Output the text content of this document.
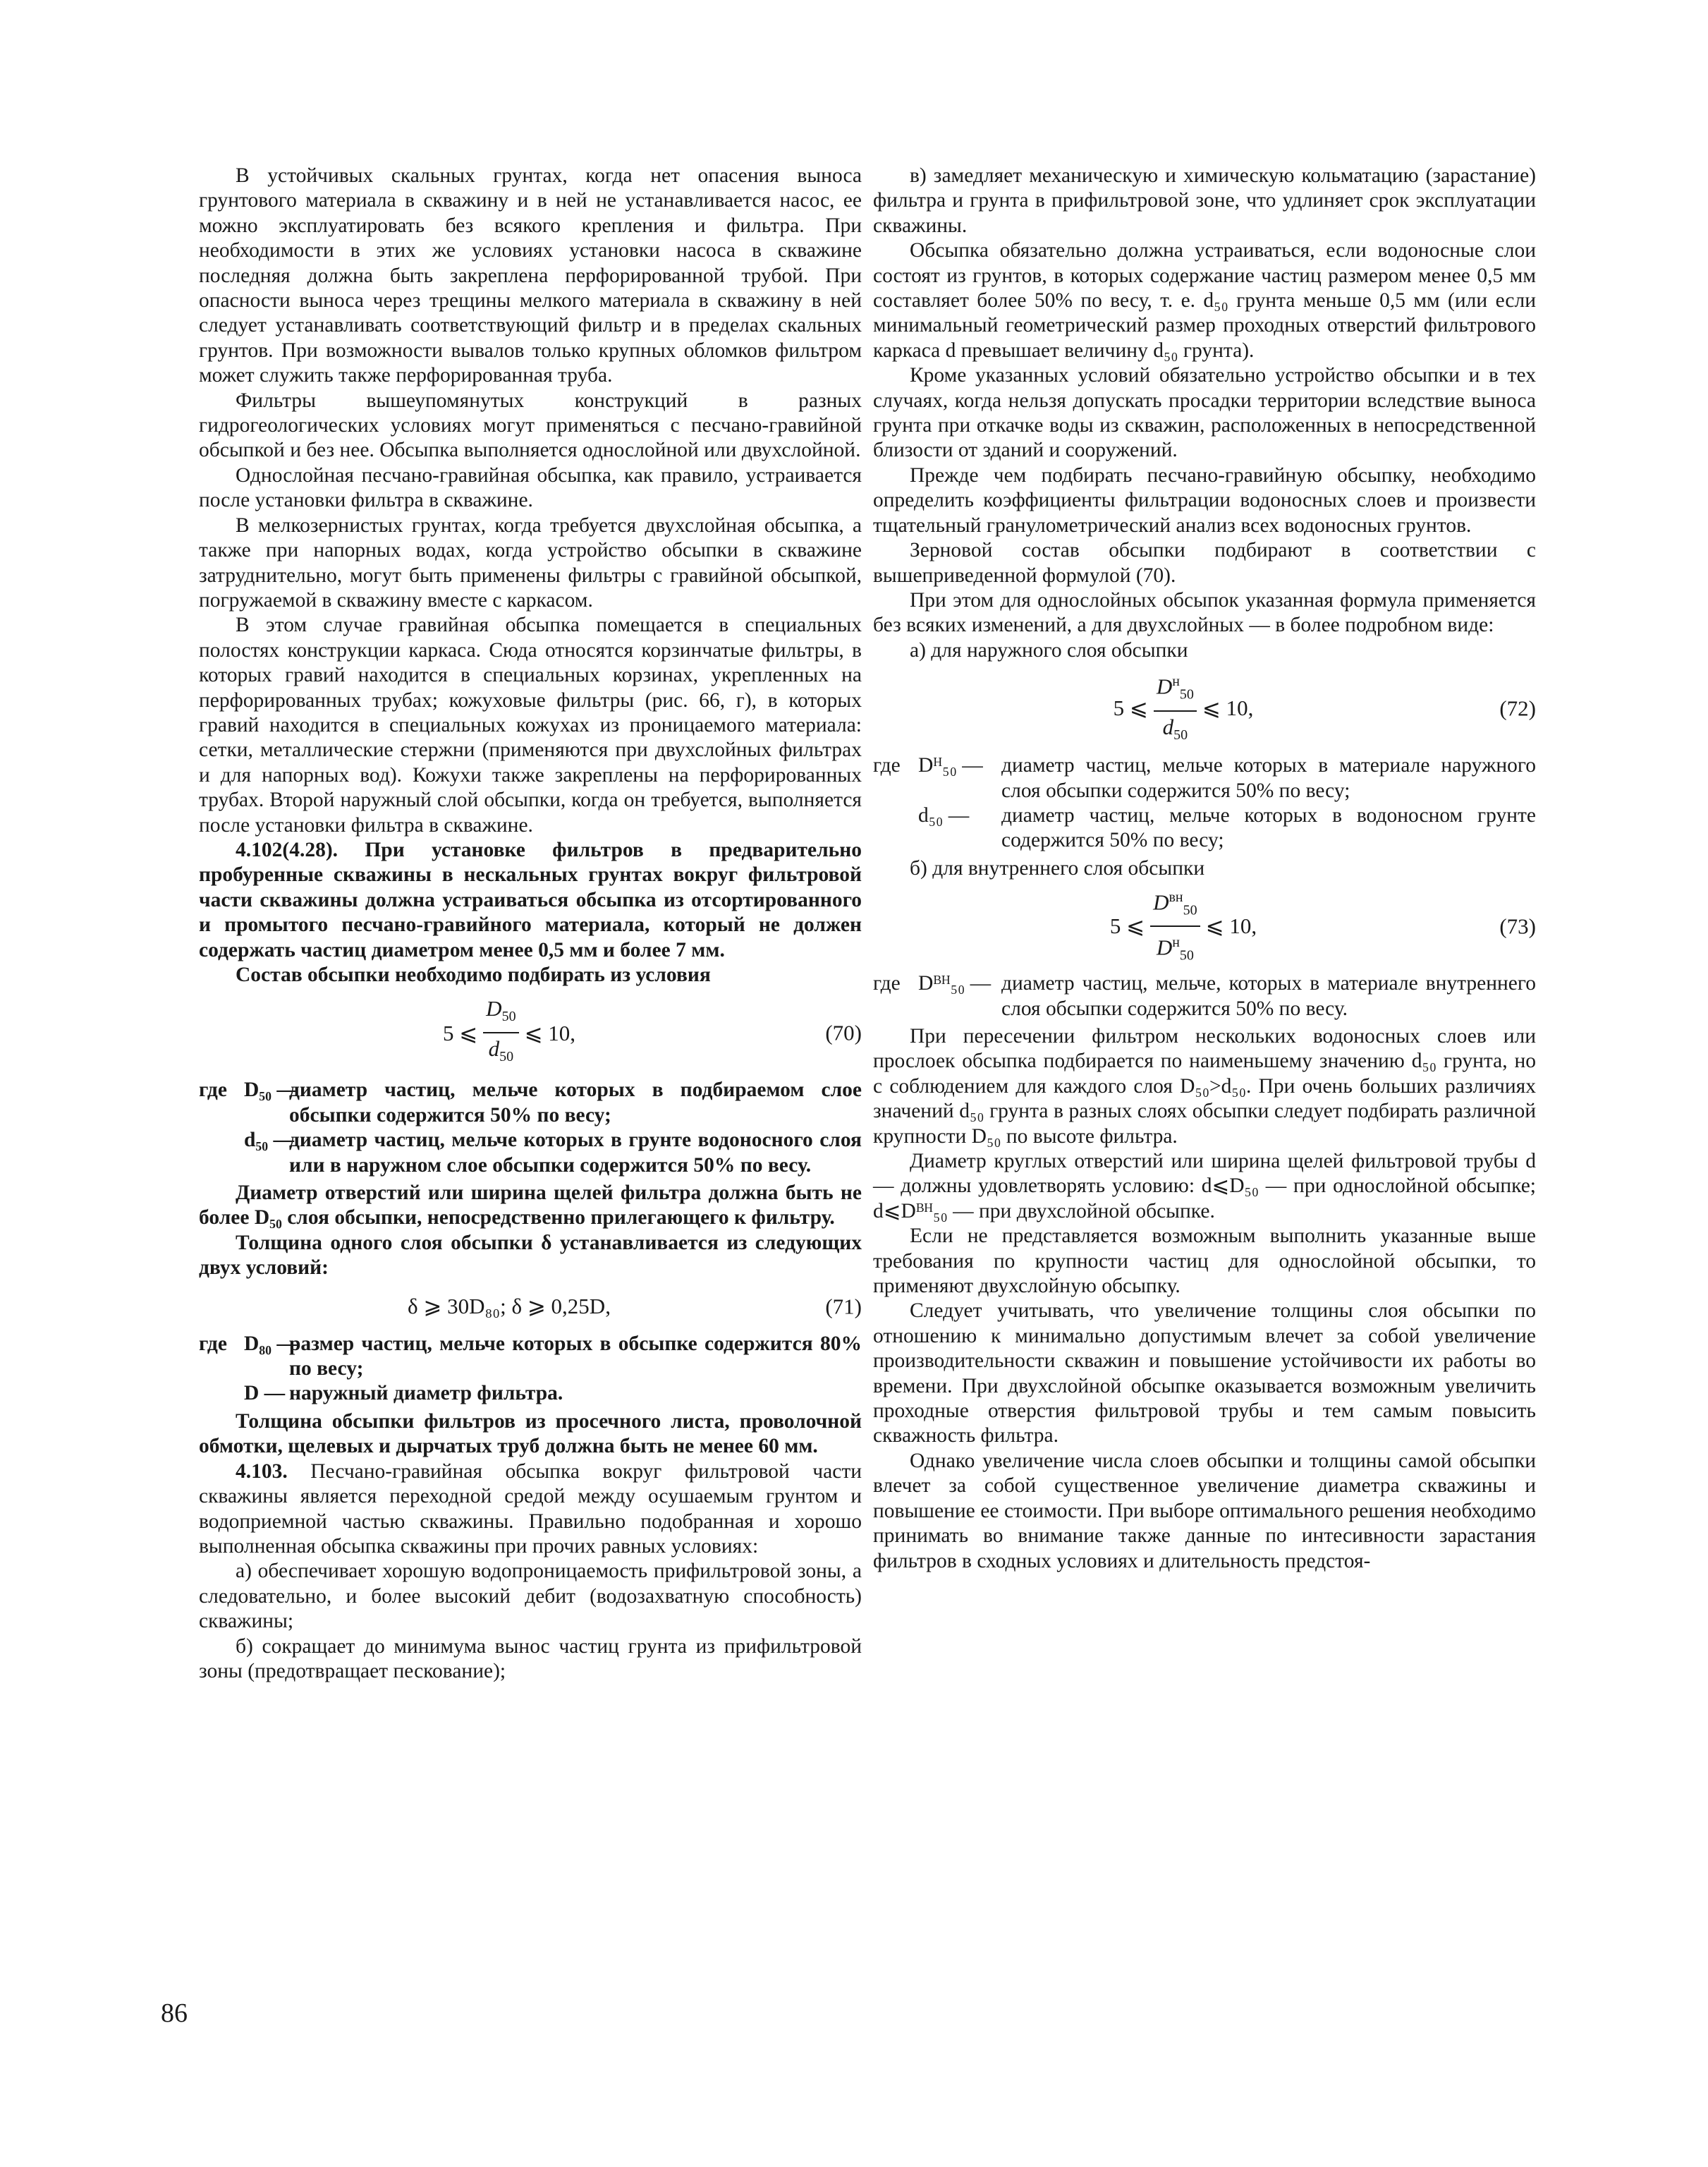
В устойчивых скальных грунтах, когда нет опасения выноса грунтового материала в скважину и в ней не устанавливается насос, ее можно эксплуатировать без всякого крепления и фильтра. При необходимости в этих же условиях установки насоса в скважине последняя должна быть закреплена перфорированной трубой. При опасности выноса через трещины мелкого материала в скважину в ней следует устанавливать соответствующий фильтр и в пределах скальных грунтов. При возможности вывалов только крупных обломков фильтром может служить также перфорированная труба.

Фильтры вышеупомянутых конструкций в разных гидрогеологических условиях могут применяться с песчано-гравийной обсыпкой и без нее. Обсыпка выполняется однослойной или двухслойной.

Однослойная песчано-гравийная обсыпка, как правило, устраивается после установки фильтра в скважине.

В мелкозернистых грунтах, когда требуется двухслойная обсыпка, а также при напорных водах, когда устройство обсыпки в скважине затруднительно, могут быть применены фильтры с гравийной обсыпкой, погружаемой в скважину вместе с каркасом.

В этом случае гравийная обсыпка помещается в специальных полостях конструкции каркаса. Сюда относятся корзинчатые фильтры, в которых гравий находится в специальных корзинах, укрепленных на перфорированных трубах; кожуховые фильтры (рис. 66, г), в которых гравий находится в специальных кожухах из проницаемого материала: сетки, металлические стержни (применяются при двухслойных фильтрах и для напорных вод). Кожухи также закреплены на перфорированных трубах. Второй наружный слой обсыпки, когда он требуется, выполняется после установки фильтра в скважине.

4.102(4.28). При установке фильтров в предварительно пробуренные скважины в нескальных грунтах вокруг фильтровой части скважины должна устраиваться обсыпка из отсортированного и промытого песчано-гравийного материала, который не должен содержать частиц диаметром менее 0,5 мм и более 7 мм.

Состав обсыпки необходимо подбирать из условия

5 ⩽ $\frac{D_{50}}{d_{50}}$ ⩽ 10,	(70)
где D₅₀ —
диаметр частиц, мельче которых в подбираемом слое обсыпки содержится 50% по весу;
d₅₀ —
диаметр частиц, мельче которых в грунте водоносного слоя или в наружном слое обсыпки содержится 50% по весу.

Диаметр отверстий или ширина щелей фильтра должна быть не более D₅₀ слоя обсыпки, непосредственно прилегающего к фильтру.

Толщина одного слоя обсыпки δ устанавливается из следующих двух условий:

δ ⩾ 30D₈₀; δ ⩾ 0,25D,	(71)
где D₈₀ —
размер частиц, мельче которых в обсыпке содержится 80% по весу;
D — наружный диаметр фильтра.

Толщина обсыпки фильтров из просечного листа, проволочной обмотки, щелевых и дырчатых труб должна быть не менее 60 мм.

4.103. Песчано-гравийная обсыпка вокруг фильтровой части скважины является переходной средой между осушаемым грунтом и водоприемной частью скважины. Правильно подобранная и хорошо выполненная обсыпка скважины при прочих равных условиях:

а) обеспечивает хорошую водопроницаемость прифильтровой зоны, а следовательно, и более высокий дебит (водозахватную способность) скважины;

б) сокращает до минимума вынос частиц грунта из прифильтровой зоны (предотвращает пескование);

в) замедляет механическую и химическую кольматацию (зарастание) фильтра и грунта в прифильтровой зоне, что удлиняет срок эксплуатации скважины.

Обсыпка обязательно должна устраиваться, если водоносные слои состоят из грунтов, в которых содержание частиц размером менее 0,5 мм составляет более 50% по весу, т. е. d₅₀ грунта меньше 0,5 мм (или если минимальный геометрический размер проходных отверстий фильтрового каркаса d превышает величину d₅₀ грунта).

Кроме указанных условий обязательно устройство обсыпки и в тех случаях, когда нельзя допускать просадки территории вследствие выноса грунта при откачке воды из скважин, расположенных в непосредственной близости от зданий и сооружений.

Прежде чем подбирать песчано-гравийную обсыпку, необходимо определить коэффициенты фильтрации водоносных слоев и произвести тщательный гранулометрический анализ всех водоносных грунтов.

Зерновой состав обсыпки подбирают в соответствии с вышеприведенной формулой (70).

При этом для однослойных обсыпок указанная формула применяется без всяких изменений, а для двухслойных — в более подробном виде:

а) для наружного слоя обсыпки

5 ⩽ $\frac{D^н_{50}}{d_{50}}$ ⩽ 10,	(72)
где Dᴴ₅₀ — диаметр частиц, мельче которых в материале наружного слоя обсыпки содержится 50% по весу;
d₅₀ —	диаметр частиц, мельче которых в водоносном грунте содержится 50% по весу;

б) для внутреннего слоя обсыпки

5 ⩽ $\frac{D^{вн}_{50}}{D^н_{50}}$ ⩽ 10,	(73)
где Dᴮᴴ₅₀ — диаметр частиц, мельче, которых в материале внутреннего слоя обсыпки содержится 50% по весу.

При пересечении фильтром нескольких водоносных слоев или прослоек обсыпка подбирается по наименьшему значению d₅₀ грунта, но с соблюдением для каждого слоя D₅₀>d₅₀. При очень больших различиях значений d₅₀ грунта в разных слоях обсыпки следует подбирать различной крупности D₅₀ по высоте фильтра.

Диаметр круглых отверстий или ширина щелей фильтровой трубы d — должны удовлетворять условию: d⩽D₅₀ — при однослойной обсыпке; d⩽Dᴮᴴ₅₀ — при двухслойной обсыпке.

Если не представляется возможным выполнить указанные выше требования по крупности частиц для однослойной обсыпки, то применяют двухслойную обсыпку.

Следует учитывать, что увеличение толщины слоя обсыпки по отношению к минимально допустимым влечет за собой увеличение производительности скважин и повышение устойчивости их работы во времени. При двухслойной обсыпке оказывается возможным увеличить проходные отверстия фильтровой трубы и тем самым повысить скважность фильтра.

Однако увеличение числа слоев обсыпки и толщины самой обсыпки влечет за собой существенное увеличение диаметра скважины и повышение ее стоимости. При выборе оптимального решения необходимо принимать во внимание также данные по интесивности зарастания фильтров в сходных условиях и длительность предстоя-

86
